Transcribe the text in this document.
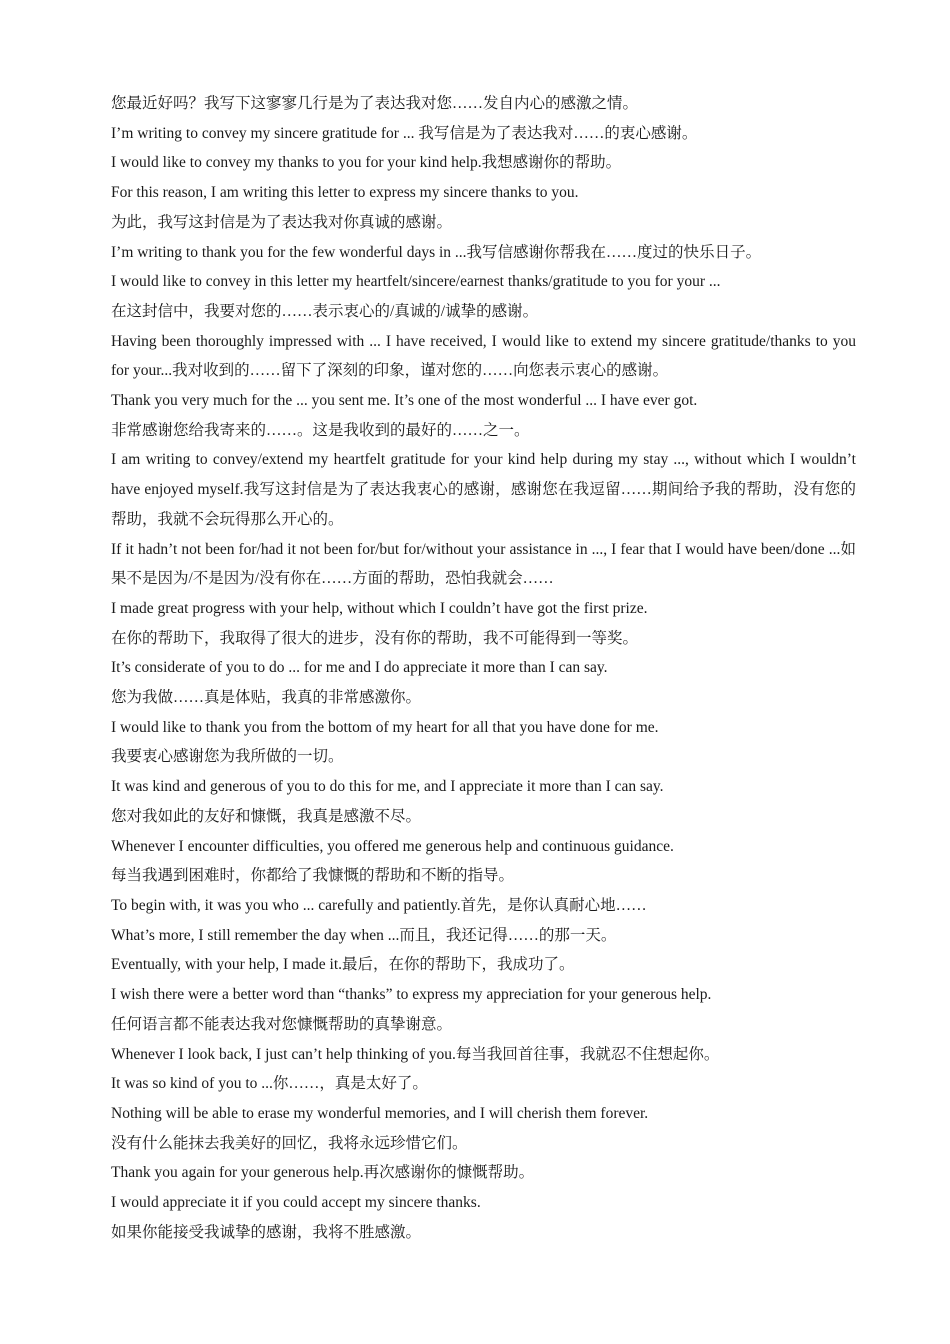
您最近好吗？我写下这寥寥几行是为了表达我对您……发自内心的感激之情。

I’m writing to convey my sincere gratitude for ... 我写信是为了表达我对……的衷心感谢。

I would like to convey my thanks to you for your kind help.我想感谢你的帮助。

For this reason, I am writing this letter to express my sincere thanks to you.

为此，我写这封信是为了表达我对你真诚的感谢。

I’m writing to thank you for the few wonderful days in ...我写信感谢你帮我在……度过的快乐日子。

I would like to convey in this letter my heartfelt/sincere/earnest thanks/gratitude to you for your ...

在这封信中，我要对您的……表示衷心的/真诚的/诚挚的感谢。

Having been thoroughly impressed with ... I have received, I would like to extend my sincere gratitude/thanks to you for your...我对收到的……留下了深刻的印象，谨对您的……向您表示衷心的感谢。

Thank you very much for the ... you sent me. It’s one of the most wonderful ... I have ever got.

非常感谢您给我寄来的……。这是我收到的最好的……之一。

I am writing to convey/extend my heartfelt gratitude for your kind help during my stay ..., without which I wouldn’t have enjoyed myself.我写这封信是为了表达我衷心的感谢，感谢您在我逗留……期间给予我的帮助，没有您的帮助，我就不会玩得那么开心的。

If it hadn’t not been for/had it not been for/but for/without your assistance in ..., I fear that I would have been/done ...如果不是因为/不是因为/没有你在……方面的帮助，恐怕我就会……

I made great progress with your help, without which I couldn’t have got the first prize.

在你的帮助下，我取得了很大的进步，没有你的帮助，我不可能得到一等奖。

It’s considerate of you to do ... for me and I do appreciate it more than I can say.

您为我做……真是体贴，我真的非常感激你。

I would like to thank you from the bottom of my heart for all that you have done for me.

我要衷心感谢您为我所做的一切。

It was kind and generous of you to do this for me, and I appreciate it more than I can say.

您对我如此的友好和慷慨，我真是感激不尽。

Whenever I encounter difficulties, you offered me generous help and continuous guidance.

每当我遇到困难时，你都给了我慷慨的帮助和不断的指导。

To begin with, it was you who ... carefully and patiently.首先，是你认真耐心地……

What’s more, I still remember the day when ...而且，我还记得……的那一天。

Eventually, with your help, I made it.最后，在你的帮助下，我成功了。

I wish there were a better word than “thanks” to express my appreciation for your generous help.

任何语言都不能表达我对您慷慨帮助的真挚谢意。

Whenever I look back, I just can’t help thinking of you.每当我回首往事，我就忍不住想起你。

It was so kind of you to ...你……，真是太好了。

Nothing will be able to erase my wonderful memories, and I will cherish them forever.

没有什么能抹去我美好的回忆，我将永远珍惜它们。

Thank you again for your generous help.再次感谢你的慷慨帮助。

I would appreciate it if you could accept my sincere thanks.

如果你能接受我诚挚的感谢，我将不胜感激。
